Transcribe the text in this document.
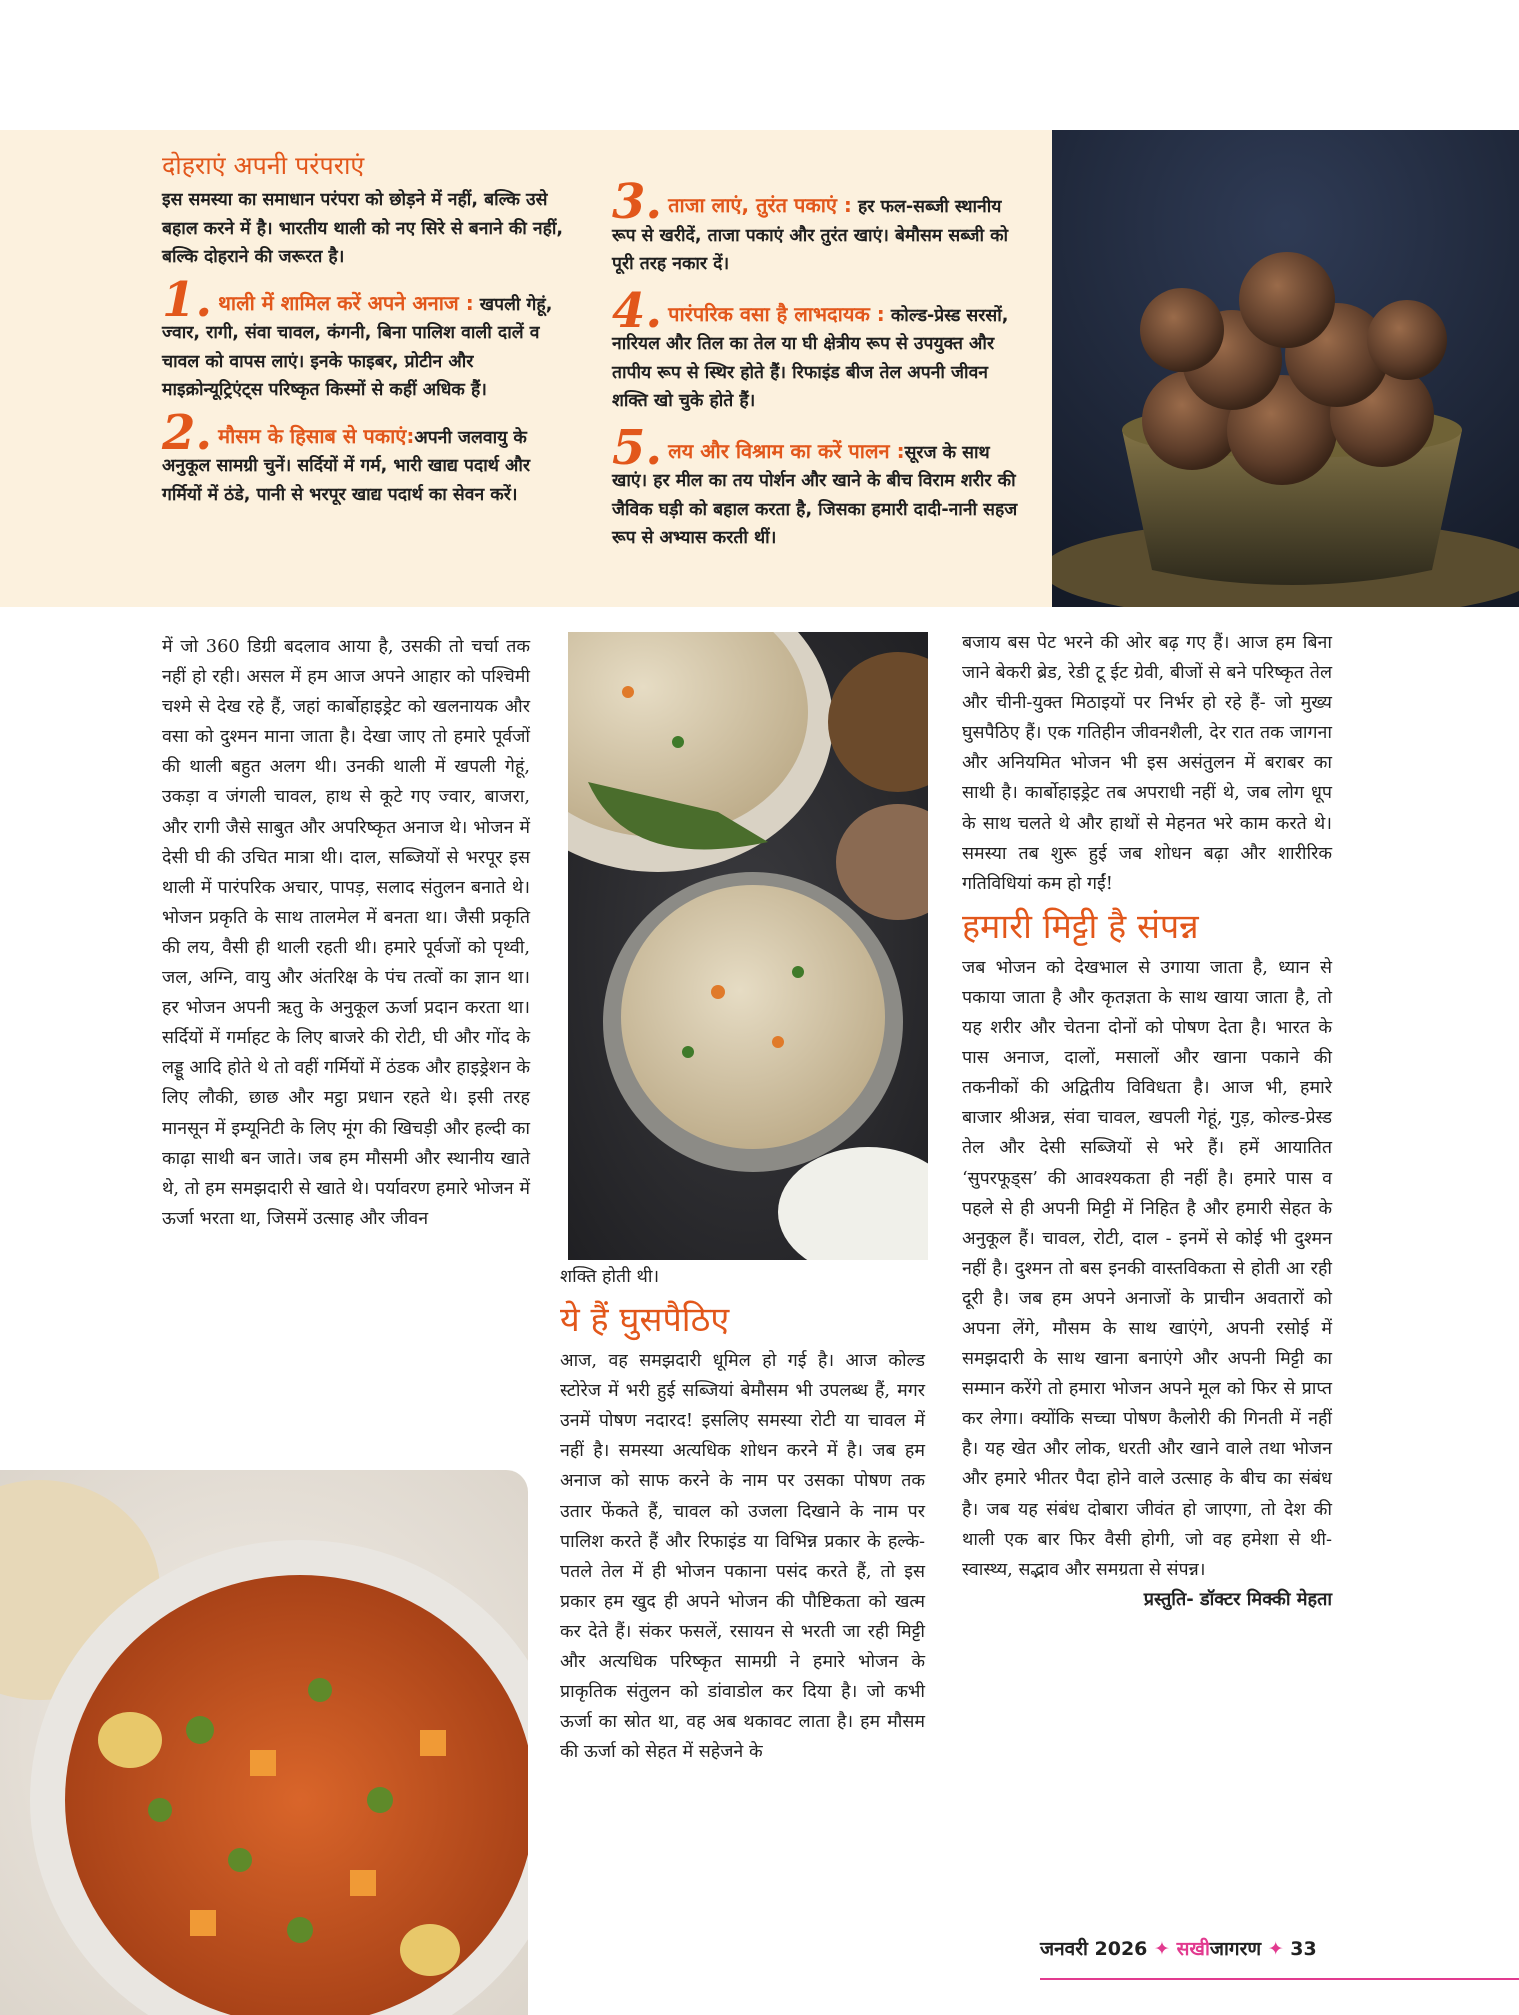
दोहराएं अपनी परंपराएं

इस समस्या का समाधान परंपरा को छोड़ने में नहीं, बल्कि उसे बहाल करने में है। भारतीय थाली को नए सिरे से बनाने की नहीं, बल्कि दोहराने की जरूरत है।

1. थाली में शामिल करें अपने अनाज : खपली गेहूं, ज्वार, रागी, संवा चावल, कंगनी, बिना पालिश वाली दालें व चावल को वापस लाएं। इनके फाइबर, प्रोटीन और माइक्रोन्यूट्रिएंट्स परिष्कृत किस्मों से कहीं अधिक हैं।

2. मौसम के हिसाब से पकाएं:अपनी जलवायु के अनुकूल सामग्री चुनें। सर्दियों में गर्म, भारी खाद्य पदार्थ और गर्मियों में ठंडे, पानी से भरपूर खाद्य पदार्थ का सेवन करें।

3. ताजा लाएं, तुरंत पकाएं : हर फल-सब्जी स्थानीय रूप से खरीदें, ताजा पकाएं और तुरंत खाएं। बेमौसम सब्जी को पूरी तरह नकार दें।

4. पारंपरिक वसा है लाभदायक : कोल्ड-प्रेस्ड सरसों, नारियल और तिल का तेल या घी क्षेत्रीय रूप से उपयुक्त और तापीय रूप से स्थिर होते हैं। रिफाइंड बीज तेल अपनी जीवन शक्ति खो चुके होते हैं।

5. लय और विश्राम का करें पालन :सूरज के साथ खाएं। हर मील का तय पोर्शन और खाने के बीच विराम शरीर की जैविक घड़ी को बहाल करता है, जिसका हमारी दादी-नानी सहज रूप से अभ्यास करती थीं।

में जो 360 डिग्री बदलाव आया है, उसकी तो चर्चा तक नहीं हो रही। असल में हम आज अपने आहार को पश्चिमी चश्मे से देख रहे हैं, जहां कार्बोहाइड्रेट को खलनायक और वसा को दुश्मन माना जाता है। देखा जाए तो हमारे पूर्वजों की थाली बहुत अलग थी। उनकी थाली में खपली गेहूं, उकड़ा व जंगली चावल, हाथ से कूटे गए ज्वार, बाजरा, और रागी जैसे साबुत और अपरिष्कृत अनाज थे। भोजन में देसी घी की उचित मात्रा थी। दाल, सब्जियों से भरपूर इस थाली में पारंपरिक अचार, पापड़, सलाद संतुलन बनाते थे। भोजन प्रकृति के साथ तालमेल में बनता था। जैसी प्रकृति की लय, वैसी ही थाली रहती थी। हमारे पूर्वजों को पृथ्वी, जल, अग्नि, वायु और अंतरिक्ष के पंच तत्वों का ज्ञान था। हर भोजन अपनी ऋतु के अनुकूल ऊर्जा प्रदान करता था। सर्दियों में गर्माहट के लिए बाजरे की रोटी, घी और गोंद के लड्डू आदि होते थे तो वहीं गर्मियों में ठंडक और हाइड्रेशन के लिए लौकी, छाछ और मट्ठा प्रधान रहते थे। इसी तरह मानसून में इम्यूनिटी के लिए मूंग की खिचड़ी और हल्दी का काढ़ा साथी बन जाते। जब हम मौसमी और स्थानीय खाते थे, तो हम समझदारी से खाते थे। पर्यावरण हमारे भोजन में ऊर्जा भरता था, जिसमें उत्साह और जीवन

शक्ति होती थी।

ये हैं घुसपैठिए

आज, वह समझदारी धूमिल हो गई है। आज कोल्ड स्टोरेज में भरी हुई सब्जियां बेमौसम भी उपलब्ध हैं, मगर उनमें पोषण नदारद! इसलिए समस्या रोटी या चावल में नहीं है। समस्या अत्यधिक शोधन करने में है। जब हम अनाज को साफ करने के नाम पर उसका पोषण तक उतार फेंकते हैं, चावल को उजला दिखाने के नाम पर पालिश करते हैं और रिफाइंड या विभिन्न प्रकार के हल्के-पतले तेल में ही भोजन पकाना पसंद करते हैं, तो इस प्रकार हम खुद ही अपने भोजन की पौष्टिकता को खत्म कर देते हैं। संकर फसलें, रसायन से भरती जा रही मिट्टी और अत्यधिक परिष्कृत सामग्री ने हमारे भोजन के प्राकृतिक संतुलन को डांवाडोल कर दिया है। जो कभी ऊर्जा का स्रोत था, वह अब थकावट लाता है। हम मौसम की ऊर्जा को सेहत में सहेजने के

बजाय बस पेट भरने की ओर बढ़ गए हैं। आज हम बिना जाने बेकरी ब्रेड, रेडी टू ईट ग्रेवी, बीजों से बने परिष्कृत तेल और चीनी-युक्त मिठाइयों पर निर्भर हो रहे हैं- जो मुख्य घुसपैठिए हैं। एक गतिहीन जीवनशैली, देर रात तक जागना और अनियमित भोजन भी इस असंतुलन में बराबर का साथी है। कार्बोहाइड्रेट तब अपराधी नहीं थे, जब लोग धूप के साथ चलते थे और हाथों से मेहनत भरे काम करते थे। समस्या तब शुरू हुई जब शोधन बढ़ा और शारीरिक गतिविधियां कम हो गईं!

हमारी मिट्टी है संपन्न

जब भोजन को देखभाल से उगाया जाता है, ध्यान से पकाया जाता है और कृतज्ञता के साथ खाया जाता है, तो यह शरीर और चेतना दोनों को पोषण देता है। भारत के पास अनाज, दालों, मसालों और खाना पकाने की तकनीकों की अद्वितीय विविधता है। आज भी, हमारे बाजार श्रीअन्न, संवा चावल, खपली गेहूं, गुड़, कोल्ड-प्रेस्ड तेल और देसी सब्जियों से भरे हैं। हमें आयातित ‘सुपरफूड्स’ की आवश्यकता ही नहीं है। हमारे पास व पहले से ही अपनी मिट्टी में निहित है और हमारी सेहत के अनुकूल हैं। चावल, रोटी, दाल - इनमें से कोई भी दुश्मन नहीं है। दुश्मन तो बस इनकी वास्तविकता से होती आ रही दूरी है। जब हम अपने अनाजों के प्राचीन अवतारों को अपना लेंगे, मौसम के साथ खाएंगे, अपनी रसोई में समझदारी के साथ खाना बनाएंगे और अपनी मिट्टी का सम्मान करेंगे तो हमारा भोजन अपने मूल को फिर से प्राप्त कर लेगा। क्योंकि सच्चा पोषण कैलोरी की गिनती में नहीं है। यह खेत और लोक, धरती और खाने वाले तथा भोजन और हमारे भीतर पैदा होने वाले उत्साह के बीच का संबंध है। जब यह संबंध दोबारा जीवंत हो जाएगा, तो देश की थाली एक बार फिर वैसी होगी, जो वह हमेशा से थी-स्वास्थ्य, सद्भाव और समग्रता से संपन्न।

प्रस्तुति- डॉक्टर मिक्की मेहता
जनवरी 2026 ✦ सखीजागरण ✦ 33
